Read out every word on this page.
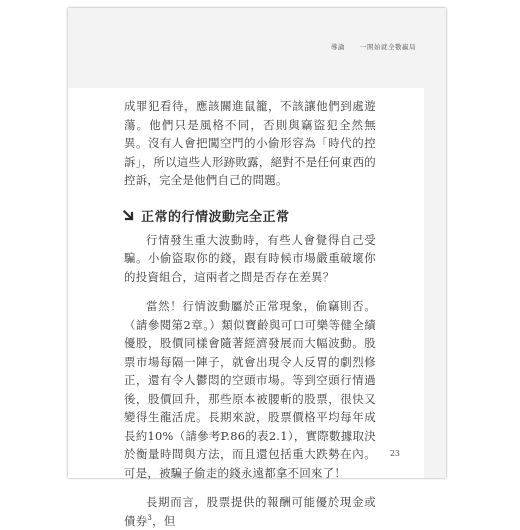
導論 一開始就全數贏局

成罪犯看待，應該關進鼠籠，不該讓他們到處遊蕩。他們只是風格不同，否則與竊盜犯全然無異。沒有人會把闖空門的小偷形容為「時代的控訴」，所以這些人形跡敗露，絕對不是任何東西的控訴，完全是他們自己的問題。

正常的行情波動完全正常

行情發生重大波動時，有些人會覺得自己受騙。小偷盜取你的錢，跟有時候市場嚴重破壞你的投資組合，這兩者之間是否存在差異？

當然！行情波動屬於正常現象，偷竊則否。（請參閱第2章。）類似寶齡與可口可樂等健全績優股，股價同樣會隨著經濟發展而大幅波動。股票市場每隔一陣子，就會出現令人反胃的劇烈修正，還有令人鬱悶的空頭市場。等到空頭行情過後，股價回升，那些原本被腰斬的股票，很快又變得生龍活虎。長期來說，股票價格平均每年成長約10%（請參考P.86的表2.1），實際數據取決於衡量時間與方法，而且還包括重大跌勢在內。可是，被騙子偷走的錢永遠都拿不回來了！

長期而言，股票提供的報酬可能優於現金或債券$^3$，但

23
